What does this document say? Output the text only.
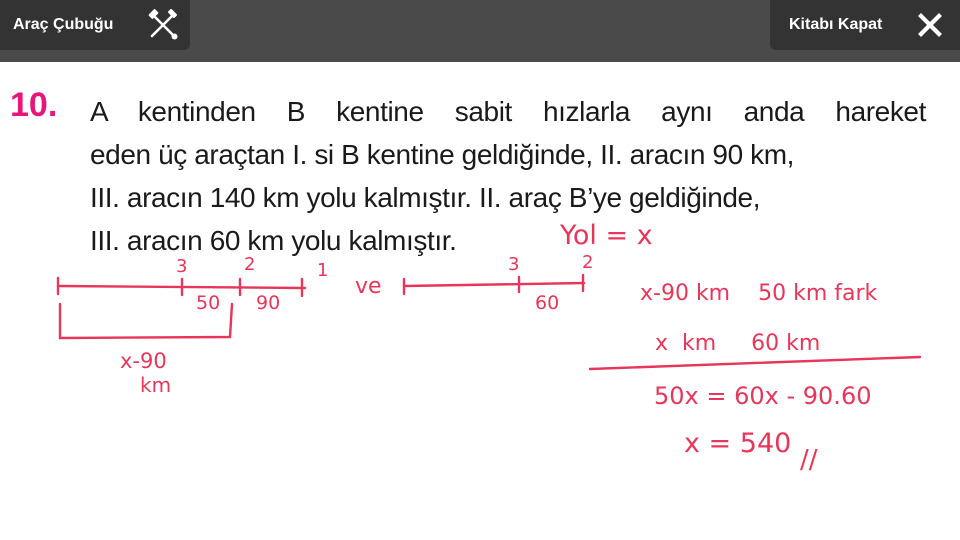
Araç Çubuğu	Kitabı Kapat
10. A kentinden B kentine sabit hızlarla aynı anda hareket
eden üç araçtan I. si B kentine geldiğinde, II. aracın 90 km,
III. aracın 140 km yolu kalmıştır. II. araç B’ye geldiğinde,
III. aracın 60 km yolu kalmıştır.	Yol = x
3	2	1
50 90
x-90
km
ve
3	2
60	x-90 km    50 km fark
x  km     60 km
50x = 60x - 90.60
x = 540
//
